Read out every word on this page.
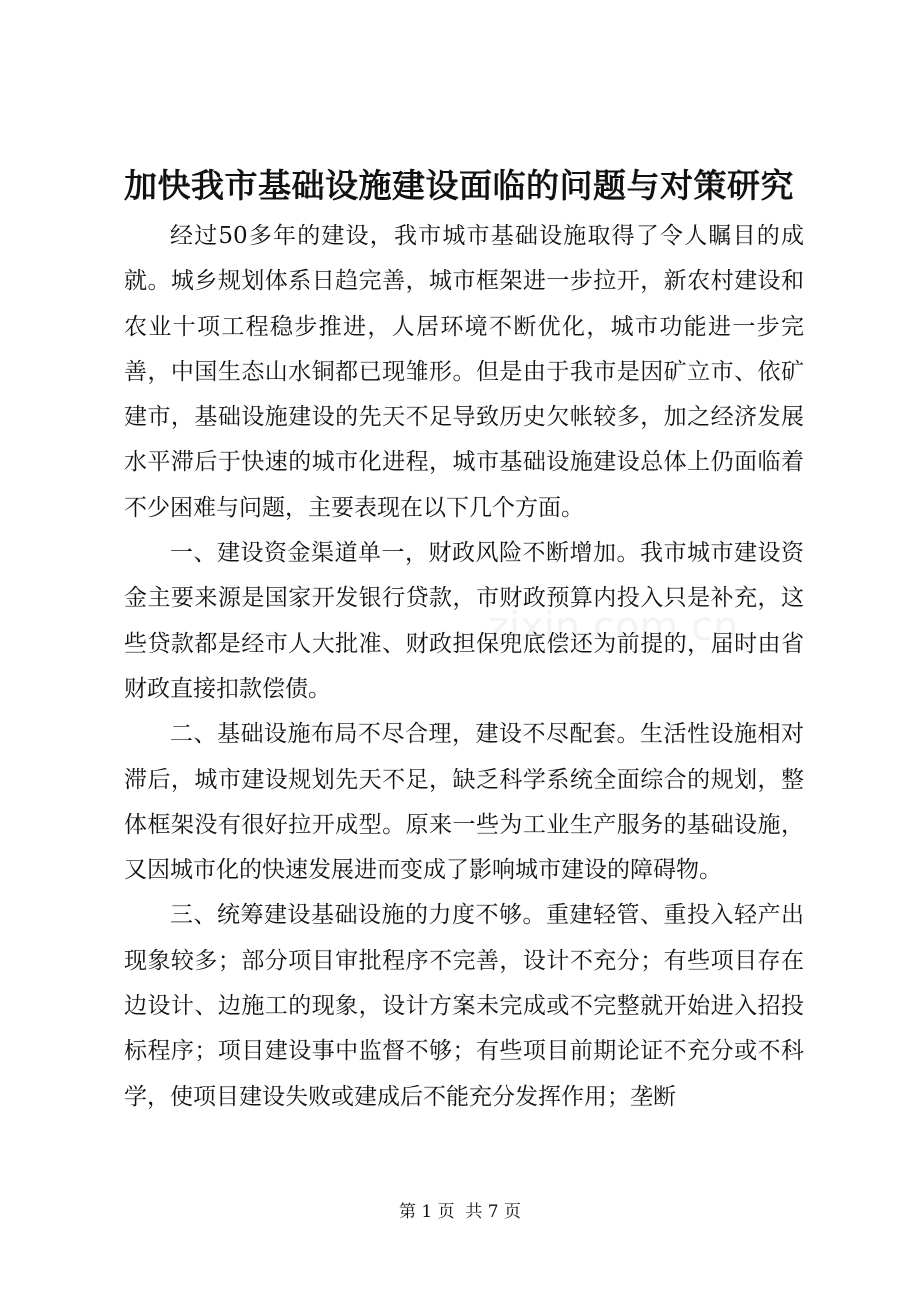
加快我市基础设施建设面临的问题与对策研究

经过50多年的建设，我市城市基础设施取得了令人瞩目的成就。城乡规划体系日趋完善，城市框架进一步拉开，新农村建设和农业十项工程稳步推进，人居环境不断优化，城市功能进一步完善，中国生态山水铜都已现雏形。但是由于我市是因矿立市、依矿建市，基础设施建设的先天不足导致历史欠帐较多，加之经济发展水平滞后于快速的城市化进程，城市基础设施建设总体上仍面临着不少困难与问题，主要表现在以下几个方面。

一、建设资金渠道单一，财政风险不断增加。我市城市建设资金主要来源是国家开发银行贷款，市财政预算内投入只是补充，这些贷款都是经市人大批准、财政担保兜底偿还为前提的，届时由省财政直接扣款偿债。

二、基础设施布局不尽合理，建设不尽配套。生活性设施相对滞后，城市建设规划先天不足，缺乏科学系统全面综合的规划，整体框架没有很好拉开成型。原来一些为工业生产服务的基础设施，又因城市化的快速发展进而变成了影响城市建设的障碍物。

三、统筹建设基础设施的力度不够。重建轻管、重投入轻产出现象较多；部分项目审批程序不完善，设计不充分；有些项目存在边设计、边施工的现象，设计方案未完成或不完整就开始进入招投标程序；项目建设事中监督不够；有些项目前期论证不充分或不科学，使项目建设失败或建成后不能充分发挥作用；垄断

第 1 页  共 7 页
